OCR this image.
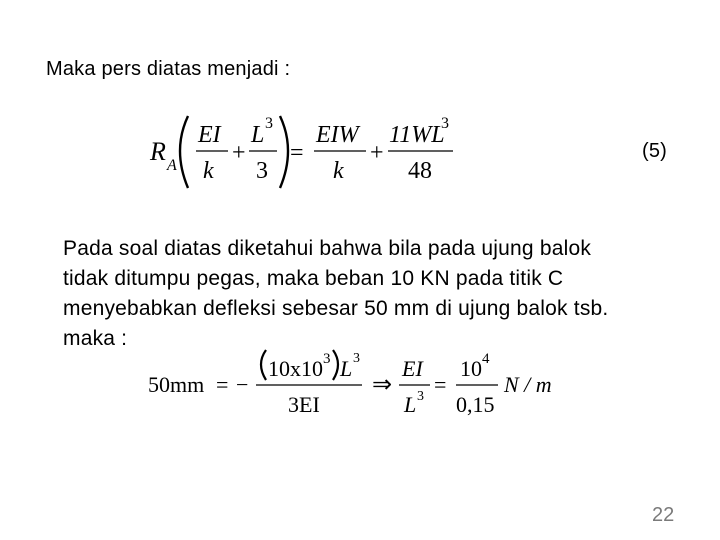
Maka pers diatas menjadi :
R A
EI
k
+
L 3
3
=
EIW
k
+
11WL
3
48
(5)
Pada soal diatas diketahui bahwa bila pada ujung balok
tidak ditumpu pegas, maka beban 10 KN pada titik C
menyebabkan defleksi sebesar 50 mm di ujung balok tsb.
maka :
50mm = −
10x10 3 L 3
3EI
⇒
EI
L 3 =
10 4
0,15
N / m
22
